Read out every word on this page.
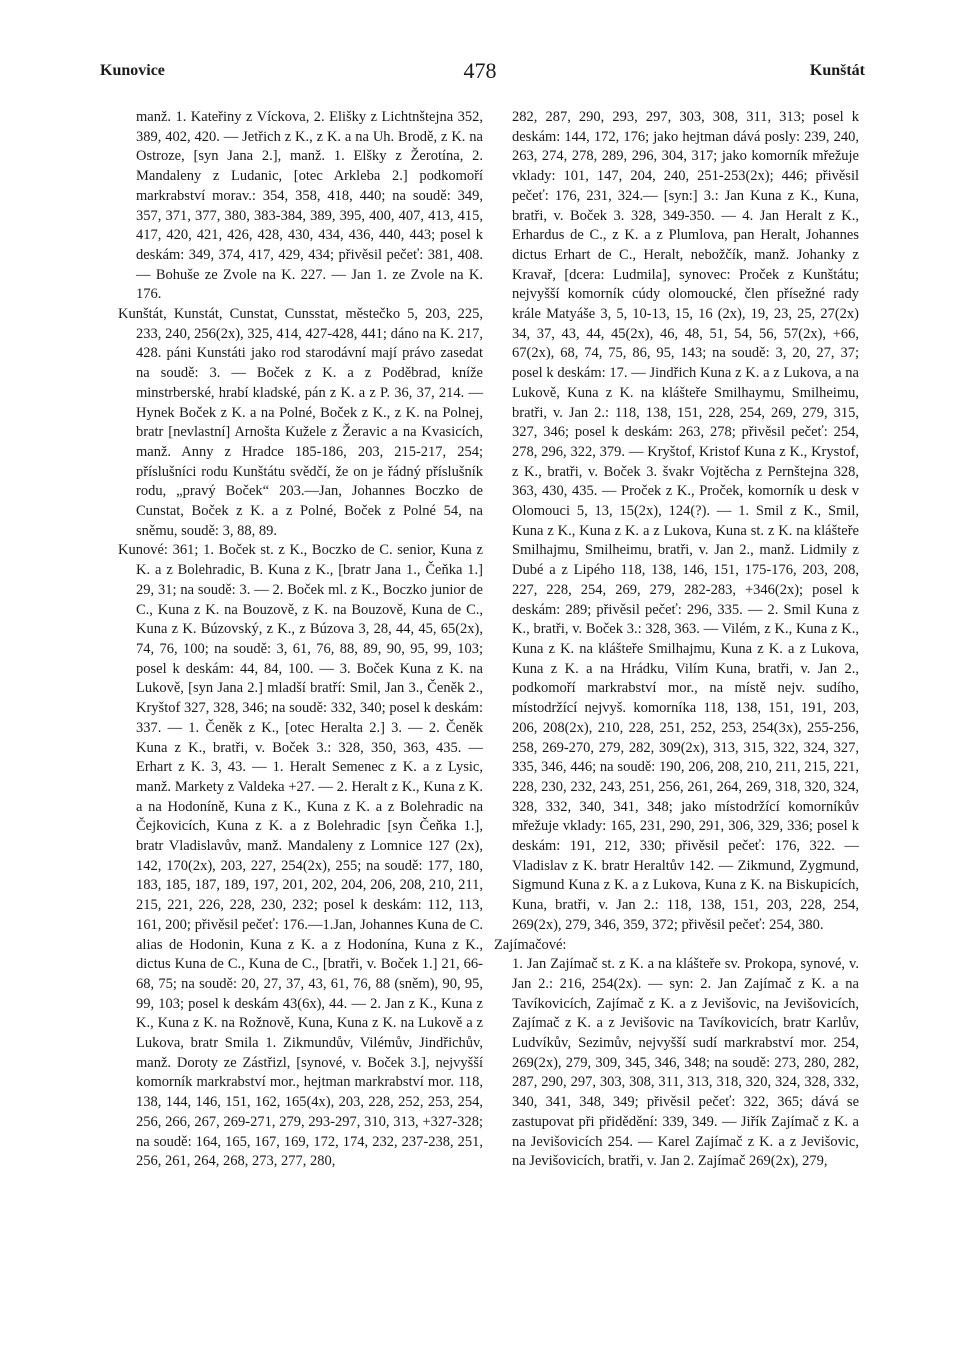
Kunovice	478	Kunštát

manž. 1. Kateřiny z Víckova, 2. Elišky z Lichtnštejna 352, 389, 402, 420. — Jetřich z K., z K. a na Uh. Brodě, z K. na Ostroze, [syn Jana 2.], manž. 1. Elšky z Žerotína, 2. Mandaleny z Ludanic, [otec Arkleba 2.] podkomoří markrabství morav.: 354, 358, 418, 440; na soudě: 349, 357, 371, 377, 380, 383-384, 389, 395, 400, 407, 413, 415, 417, 420, 421, 426, 428, 430, 434, 436, 440, 443; posel k deskám: 349, 374, 417, 429, 434; přivěsil pečeť: 381, 408. — Bohuše ze Zvole na K. 227. — Jan 1. ze Zvole na K. 176.

Kunštát, Kunstát, Cunstat, Cunsstat, městečko 5, 203, 225, 233, 240, 256(2x), 325, 414, 427-428, 441; dáno na K. 217, 428. páni Kunstáti jako rod starodávní mají právo zasedat na soudě: 3. — Boček z K. a z Poděbrad, kníže minstrberské, hrabí kladské, pán z K. a z P. 36, 37, 214. — Hynek Boček z K. a na Polné, Boček z K., z K. na Polnej, bratr [nevlastní] Arnošta Kužele z Žeravic a na Kvasicích, manž. Anny z Hradce 185-186, 203, 215-217, 254; příslušníci rodu Kunštátu svědčí, že on je řádný příslušník rodu, „pravý Boček“ 203.—Jan, Johannes Boczko de Cunstat, Boček z K. a z Polné, Boček z Polné 54, na sněmu, soudě: 3, 88, 89.

Kunové: 361; 1. Boček st. z K., Boczko de C. senior, Kuna z K. a z Bolehradic, B. Kuna z K., [bratr Jana 1., Čeňka 1.] 29, 31; na soudě: 3. — 2. Boček ml. z K., Boczko junior de C., Kuna z K. na Bouzově, z K. na Bouzově, Kuna de C., Kuna z K. Búzovský, z K., z Búzova 3, 28, 44, 45, 65(2x), 74, 76, 100; na soudě: 3, 61, 76, 88, 89, 90, 95, 99, 103; posel k deskám: 44, 84, 100. — 3. Boček Kuna z K. na Lukově, [syn Jana 2.] mladší bratří: Smil, Jan 3., Čeněk 2., Kryštof 327, 328, 346; na soudě: 332, 340; posel k deskám: 337. — 1. Čeněk z K., [otec Heralta 2.] 3. — 2. Čeněk Kuna z K., bratři, v. Boček 3.: 328, 350, 363, 435. — Erhart z K. 3, 43. — 1. Heralt Semenec z K. a z Lysic, manž. Markety z Valdeka +27. — 2. Heralt z K., Kuna z K. a na Hodoníně, Kuna z K., Kuna z K. a z Bolehradic na Čejkovicích, Kuna z K. a z Bolehradic [syn Čeňka 1.], bratr Vladislavův, manž. Mandaleny z Lomnice 127 (2x), 142, 170(2x), 203, 227, 254(2x), 255; na soudě: 177, 180, 183, 185, 187, 189, 197, 201, 202, 204, 206, 208, 210, 211, 215, 221, 226, 228, 230, 232; posel k deskám: 112, 113, 161, 200; přivěsil pečeť: 176.—1.Jan, Johannes Kuna de C. alias de Hodonin, Kuna z K. a z Hodonína, Kuna z K., dictus Kuna de C., Kuna de C., [bratři, v. Boček 1.] 21, 66-68, 75; na soudě: 20, 27, 37, 43, 61, 76, 88 (sněm), 90, 95, 99, 103; posel k deskám 43(6x), 44. — 2. Jan z K., Kuna z K., Kuna z K. na Rožnově, Kuna, Kuna z K. na Lukově a z Lukova, bratr Smila 1. Zikmundův, Vilémův, Jindřichův, manž. Doroty ze Zástřizl, [synové, v. Boček 3.], nejvyšší komorník markrabství mor., hejtman markrabství mor. 118, 138, 144, 146, 151, 162, 165(4x), 203, 228, 252, 253, 254, 256, 266, 267, 269-271, 279, 293-297, 310, 313, +327-328; na soudě: 164, 165, 167, 169, 172, 174, 232, 237-238, 251, 256, 261, 264, 268, 273, 277, 280,

282, 287, 290, 293, 297, 303, 308, 311, 313; posel k deskám: 144, 172, 176; jako hejtman dává posly: 239, 240, 263, 274, 278, 289, 296, 304, 317; jako komorník mřežuje vklady: 101, 147, 204, 240, 251-253(2x); 446; přivěsil pečeť: 176, 231, 324.— [syn:] 3.: Jan Kuna z K., Kuna, bratři, v. Boček 3. 328, 349-350. — 4. Jan Heralt z K., Erhardus de C., z K. a z Plumlova, pan Heralt, Johannes dictus Erhart de C., Heralt, nebožčík, manž. Johanky z Kravař, [dcera: Ludmila], synovec: Proček z Kunštátu; nejvyšší komorník cúdy olomoucké, člen přísežné rady krále Matyáše 3, 5, 10-13, 15, 16 (2x), 19, 23, 25, 27(2x) 34, 37, 43, 44, 45(2x), 46, 48, 51, 54, 56, 57(2x), +66, 67(2x), 68, 74, 75, 86, 95, 143; na soudě: 3, 20, 27, 37; posel k deskám: 17. — Jindřich Kuna z K. a z Lukova, a na Lukově, Kuna z K. na klášteře Smilhaymu, Smilheimu, bratři, v. Jan 2.: 118, 138, 151, 228, 254, 269, 279, 315, 327, 346; posel k deskám: 263, 278; přivěsil pečeť: 254, 278, 296, 322, 379. — Kryštof, Kristof Kuna z K., Krystof, z K., bratři, v. Boček 3. švakr Vojtěcha z Pernštejna 328, 363, 430, 435. — Proček z K., Proček, komorník u desk v Olomouci 5, 13, 15(2x), 124(?). — 1. Smil z K., Smil, Kuna z K., Kuna z K. a z Lukova, Kuna st. z K. na klášteře Smilhajmu, Smilheimu, bratři, v. Jan 2., manž. Lidmily z Dubé a z Lipého 118, 138, 146, 151, 175-176, 203, 208, 227, 228, 254, 269, 279, 282-283, +346(2x); posel k deskám: 289; přivěsil pečeť: 296, 335. — 2. Smil Kuna z K., bratři, v. Boček 3.: 328, 363. — Vilém, z K., Kuna z K., Kuna z K. na klášteře Smilhajmu, Kuna z K. a z Lukova, Kuna z K. a na Hrádku, Vilím Kuna, bratři, v. Jan 2., podkomoří markrabství mor., na místě nejv. sudího, místodržící nejvyš. komorníka 118, 138, 151, 191, 203, 206, 208(2x), 210, 228, 251, 252, 253, 254(3x), 255-256, 258, 269-270, 279, 282, 309(2x), 313, 315, 322, 324, 327, 335, 346, 446; na soudě: 190, 206, 208, 210, 211, 215, 221, 228, 230, 232, 243, 251, 256, 261, 264, 269, 318, 320, 324, 328, 332, 340, 341, 348; jako místodržící komorníkův mřežuje vklady: 165, 231, 290, 291, 306, 329, 336; posel k deskám: 191, 212, 330; přivěsil pečeť: 176, 322. — Vladislav z K. bratr Heraltův 142. — Zikmund, Zygmund, Sigmund Kuna z K. a z Lukova, Kuna z K. na Biskupicích, Kuna, bratři, v. Jan 2.: 118, 138, 151, 203, 228, 254, 269(2x), 279, 346, 359, 372; přivěsil pečeť: 254, 380.

Zajímačové:

1. Jan Zajímač st. z K. a na klášteře sv. Prokopa, synové, v. Jan 2.: 216, 254(2x). — syn: 2. Jan Zajímač z K. a na Tavíkovicích, Zajímač z K. a z Jevišovic, na Jevišovicích, Zajímač z K. a z Jevišovic na Tavíkovicích, bratr Karlův, Ludvíkův, Sezimův, nejvyšší sudí markrabství mor. 254, 269(2x), 279, 309, 345, 346, 348; na soudě: 273, 280, 282, 287, 290, 297, 303, 308, 311, 313, 318, 320, 324, 328, 332, 340, 341, 348, 349; přivěsil pečeť: 322, 365; dává se zastupovat při přidědění: 339, 349. — Jiřík Zajímač z K. a na Jevišovicích 254. — Karel Zajímač z K. a z Jevišovic, na Jevišovicích, bratři, v. Jan 2. Zajímač 269(2x), 279,
